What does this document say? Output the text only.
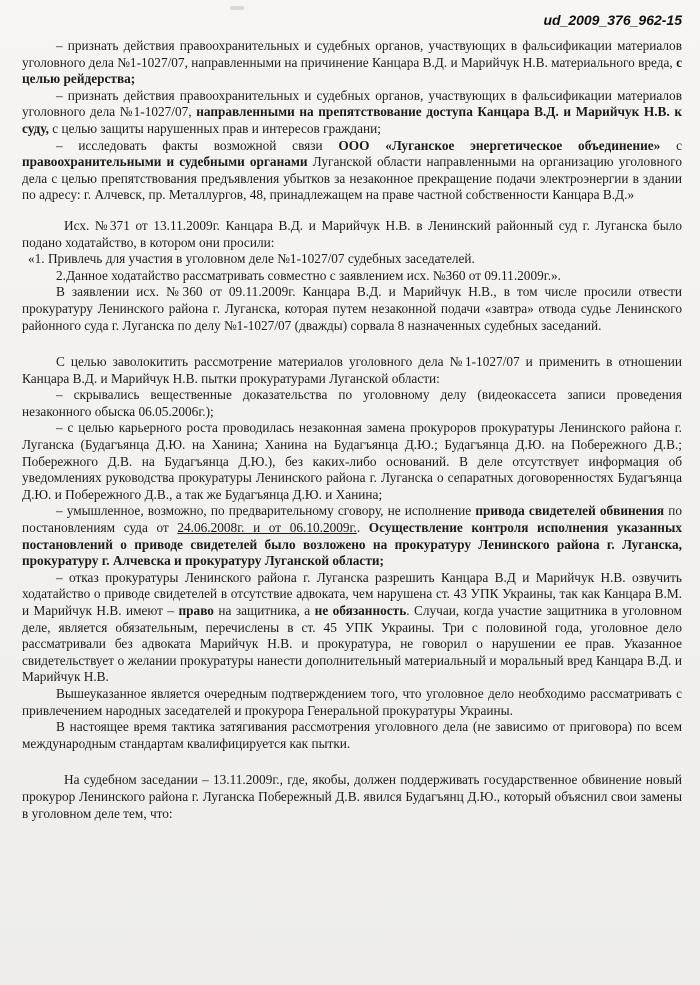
ud_2009_376_962-15

– признать действия правоохранительных и судебных органов, участвующих в фальсификации материалов уголовного дела №1-1027/07, направленными на причинение Канцара В.Д. и Марийчук Н.В. материального вреда, с целью рейдерства;

– признать действия правоохранительных и судебных органов, участвующих в фальсификации материалов уголовного дела №1-1027/07, направленными на препятствование доступа Канцара В.Д. и Марийчук Н.В. к суду, с целью защиты нарушенных прав и интересов граждани;

– исследовать факты возможной связи ООО «Луганское энергетическое объединение» с правоохранительными и судебными органами Луганской области направленными на организацию уголовного дела с целью препятствования предъявления убытков за незаконное прекращение подачи электроэнергии в здании по адресу: г. Алчевск, пр. Металлургов, 48, принадлежащем на праве частной собственности Канцара В.Д.»

Исх. №371 от 13.11.2009г. Канцара В.Д. и Марийчук Н.В. в Ленинский районный суд г. Луганска было подано ходатайство, в котором они просили:

«1. Привлечь для участия в уголовном деле №1-1027/07 судебных заседателей.

2.Данное ходатайство рассматривать совместно с заявлением исх. №360 от 09.11.2009г.».

В заявлении исх. №360 от 09.11.2009г. Канцара В.Д. и Марийчук Н.В., в том числе просили отвести прокуратуру Ленинского района г. Луганска, которая путем незаконной подачи «завтра» отвода судье Ленинского районного суда г. Луганска по делу №1-1027/07 (дважды) сорвала 8 назначенных судебных заседаний.

С целью заволокитить рассмотрение материалов уголовного дела №1-1027/07 и применить в отношении Канцара В.Д. и Марийчук Н.В. пытки прокуратурами Луганской области:

– скрывались вещественные доказательства по уголовному делу (видеокассета записи проведения незаконного обыска 06.05.2006г.);

– с целью карьерного роста проводилась незаконная замена прокуроров прокуратуры Ленинского района г. Луганска (Будагъянца Д.Ю. на Ханина; Ханина на Будагъянца Д.Ю.; Будагъянца Д.Ю. на Побережного Д.В.; Побережного Д.В. на Будагъянца Д.Ю.), без каких-либо оснований. В деле отсутствует информация об уведомлениях руководства прокуратуры Ленинского района г. Луганска о сепаратных договоренностях Будагъянца Д.Ю. и Побережного Д.В., а так же Будагъянца Д.Ю. и Ханина;

– умышленное, возможно, по предварительному сговору, не исполнение привода свидетелей обвинения по постановлениям суда от 24.06.2008г. и от 06.10.2009г.. Осуществление контроля исполнения указанных постановлений о приводе свидетелей было возложено на прокуратуру Ленинского района г. Луганска, прокуратуру г. Алчевска и прокуратуру Луганской области;

– отказ прокуратуры Ленинского района г. Луганска разрешить Канцара В.Д и Марийчук Н.В. озвучить ходатайство о приводе свидетелей в отсутствие адвоката, чем нарушена ст. 43 УПК Украины, так как Канцара В.М. и Марийчук Н.В. имеют – право на защитника, а не обязанность. Случаи, когда участие защитника в уголовном деле, является обязательным, перечислены в ст. 45 УПК Украины. Три с половиной года, уголовное дело рассматривали без адвоката Марийчук Н.В. и прокуратура, не говорил о нарушении ее прав. Указанное свидетельствует о желании прокуратуры нанести дополнительный материальный и моральный вред Канцара В.Д. и Марийчук Н.В.

Вышеуказанное является очередным подтверждением того, что уголовное дело необходимо рассматривать с привлечением народных заседателей и прокурора Генеральной прокуратуры Украины.

В настоящее время тактика затягивания рассмотрения уголовного дела (не зависимо от приговора) по всем международным стандартам квалифицируется как пытки.

На судебном заседании – 13.11.2009г., где, якобы, должен поддерживать государственное обвинение новый прокурор Ленинского района г. Луганска Побережный Д.В. явился Будагъянц Д.Ю., который объяснил свои замены в уголовном деле тем, что:
